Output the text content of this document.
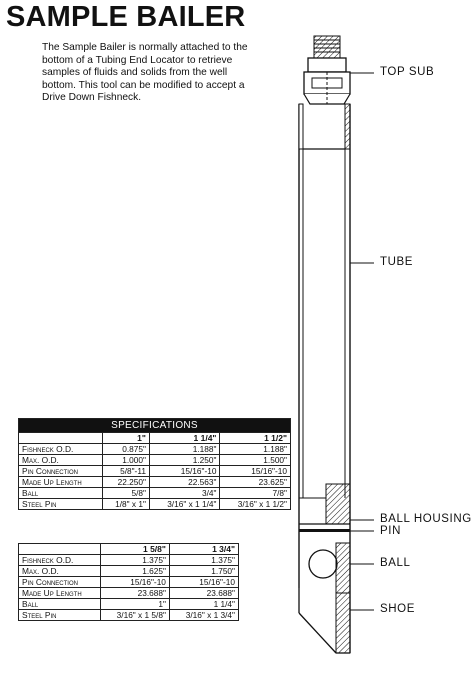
SAMPLE BAILER

The Sample Bailer is normally attached to the bottom of a Tubing End Locator to retrieve samples of fluids and solids from the well bottom. This tool can be modified to accept a Drive Down Fishneck.

SPECIFICATIONS			
	1"	1 1/4"	1 1/2"
Fishneck O.D.	0.875"	1.188"	1.188"
Max. O.D.	1.000"	1.250"	1.500"
Pin Connection	5/8"-11	15/16"-10	15/16"-10
Made Up Length	22.250"	22.563"	23.625"
Ball	5/8"	3/4"	7/8"
Steel Pin	1/8" x 1"	3/16" x 1 1/4"	3/16" x 1 1/2"
	1 5/8"	1 3/4"
Fishneck O.D.	1.375"	1.375"
Max. O.D.	1.625"	1.750"
Pin Connection	15/16"-10	15/16"-10
Made Up Length	23.688"	23.688"
Ball	1"	1 1/4"
Steel Pin	3/16" x 1 5/8"	3/16" x 1 3/4"
TOP SUB
TUBE
BALL HOUSING
PIN
BALL
SHOE
